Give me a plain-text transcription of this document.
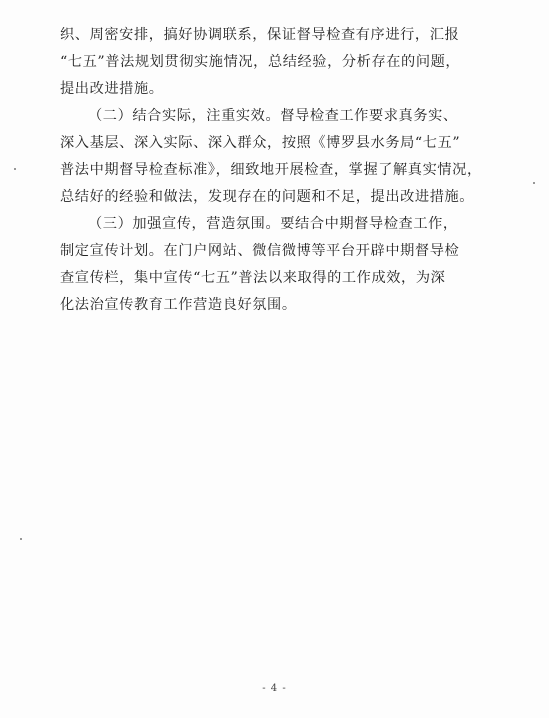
织、周密安排，搞好协调联系，保证督导检查有序进行，汇报
“七五”普法规划贯彻实施情况，总结经验，分析存在的问题，
提出改进措施。
（二）结合实际，注重实效。督导检查工作要求真务实、
深入基层、深入实际、深入群众，按照《博罗县水务局“七五”
普法中期督导检查标准》，细致地开展检查，掌握了解真实情况，
总结好的经验和做法，发现存在的问题和不足，提出改进措施。
（三）加强宣传，营造氛围。要结合中期督导检查工作，
制定宣传计划。在门户网站、微信微博等平台开辟中期督导检
查宣传栏，集中宣传“七五”普法以来取得的工作成效，为深
化法治宣传教育工作营造良好氛围。
- 4 -
